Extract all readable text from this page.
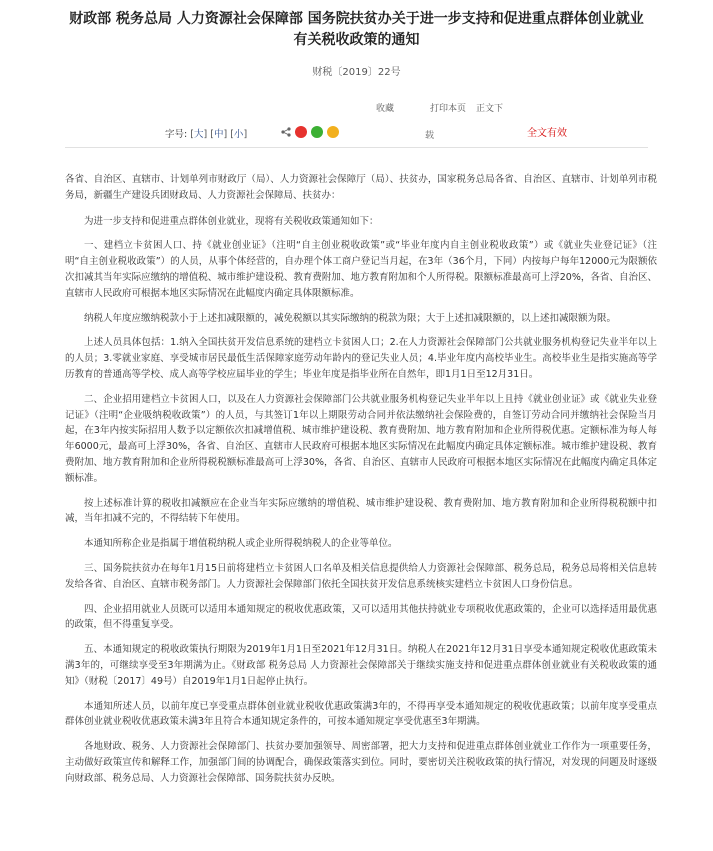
财政部 税务总局 人力资源社会保障部 国务院扶贫办关于进一步支持和促进重点群体创业就业
有关税收政策的通知
财税〔2019〕22号
收藏	打印本页 正文下
字号: [大] [中] [小]	载	全文有效

各省、自治区、直辖市、计划单列市财政厅（局）、人力资源社会保障厅（局）、扶贫办，国家税务总局各省、自治区、直辖市、计划单列市税务局，新疆生产建设兵团财政局、人力资源社会保障局、扶贫办：

为进一步支持和促进重点群体创业就业，现将有关税收政策通知如下：

一、建档立卡贫困人口、持《就业创业证》（注明“自主创业税收政策”或“毕业年度内自主创业税收政策”）或《就业失业登记证》（注明“自主创业税收政策”）的人员，从事个体经营的，自办理个体工商户登记当月起，在3年（36个月，下同）内按每户每年12000元为限额依次扣减其当年实际应缴纳的增值税、城市维护建设税、教育费附加、地方教育附加和个人所得税。限额标准最高可上浮20%，各省、自治区、直辖市人民政府可根据本地区实际情况在此幅度内确定具体限额标准。

纳税人年度应缴纳税款小于上述扣减限额的，减免税额以其实际缴纳的税款为限；大于上述扣减限额的，以上述扣减限额为限。

上述人员具体包括：1.纳入全国扶贫开发信息系统的建档立卡贫困人口；2.在人力资源社会保障部门公共就业服务机构登记失业半年以上的人员；3.零就业家庭、享受城市居民最低生活保障家庭劳动年龄内的登记失业人员；4.毕业年度内高校毕业生。高校毕业生是指实施高等学历教育的普通高等学校、成人高等学校应届毕业的学生；毕业年度是指毕业所在自然年，即1月1日至12月31日。

二、企业招用建档立卡贫困人口，以及在人力资源社会保障部门公共就业服务机构登记失业半年以上且持《就业创业证》或《就业失业登记证》（注明“企业吸纳税收政策”）的人员，与其签订1年以上期限劳动合同并依法缴纳社会保险费的，自签订劳动合同并缴纳社会保险当月起，在3年内按实际招用人数予以定额依次扣减增值税、城市维护建设税、教育费附加、地方教育附加和企业所得税优惠。定额标准为每人每年6000元，最高可上浮30%，各省、自治区、直辖市人民政府可根据本地区实际情况在此幅度内确定具体定额标准。城市维护建设税、教育费附加、地方教育附加和企业所得税税额标准最高可上浮30%，各省、自治区、直辖市人民政府可根据本地区实际情况在此幅度内确定具体定额标准。

按上述标准计算的税收扣减额应在企业当年实际应缴纳的增值税、城市维护建设税、教育费附加、地方教育附加和企业所得税税额中扣减，当年扣减不完的，不得结转下年使用。

本通知所称企业是指属于增值税纳税人或企业所得税纳税人的企业等单位。

三、国务院扶贫办在每年1月15日前将建档立卡贫困人口名单及相关信息提供给人力资源社会保障部、税务总局，税务总局将相关信息转发给各省、自治区、直辖市税务部门。人力资源社会保障部门依托全国扶贫开发信息系统核实建档立卡贫困人口身份信息。

四、企业招用就业人员既可以适用本通知规定的税收优惠政策，又可以适用其他扶持就业专项税收优惠政策的，企业可以选择适用最优惠的政策，但不得重复享受。

五、本通知规定的税收政策执行期限为2019年1月1日至2021年12月31日。纳税人在2021年12月31日享受本通知规定税收优惠政策未满3年的，可继续享受至3年期满为止。《财政部 税务总局 人力资源社会保障部关于继续实施支持和促进重点群体创业就业有关税收政策的通知》（财税〔2017〕49号）自2019年1月1日起停止执行。

本通知所述人员，以前年度已享受重点群体创业就业税收优惠政策满3年的，不得再享受本通知规定的税收优惠政策；以前年度享受重点群体创业就业税收优惠政策未满3年且符合本通知规定条件的，可按本通知规定享受优惠至3年期满。

各地财政、税务、人力资源社会保障部门、扶贫办要加强领导、周密部署，把大力支持和促进重点群体创业就业工作作为一项重要任务，主动做好政策宣传和解释工作，加强部门间的协调配合，确保政策落实到位。同时，要密切关注税收政策的执行情况，对发现的问题及时逐级向财政部、税务总局、人力资源社会保障部、国务院扶贫办反映。
